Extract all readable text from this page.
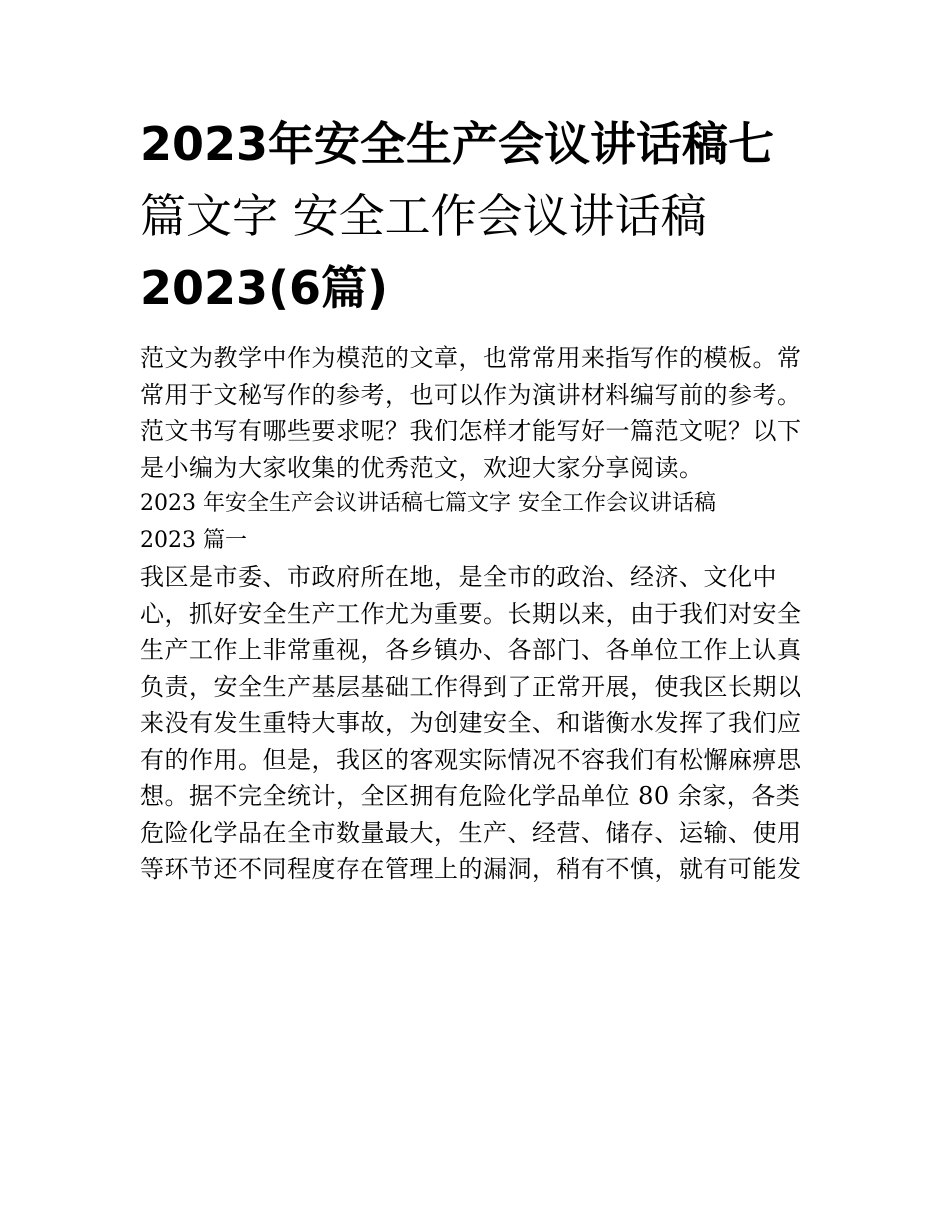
2023年安全生产会议讲话稿七
篇文字 安全工作会议讲话稿
2023(6篇)
范文为教学中作为模范的文章，也常常用来指写作的模板。常
常用于文秘写作的参考，也可以作为演讲材料编写前的参考。
范文书写有哪些要求呢？我们怎样才能写好一篇范文呢？以下
是小编为大家收集的优秀范文，欢迎大家分享阅读。
2023 年安全生产会议讲话稿七篇文字 安全工作会议讲话稿
2023 篇一
我区是市委、市政府所在地，是全市的政治、经济、文化中
心，抓好安全生产工作尤为重要。长期以来，由于我们对安全
生产工作上非常重视，各乡镇办、各部门、各单位工作上认真
负责，安全生产基层基础工作得到了正常开展，使我区长期以
来没有发生重特大事故，为创建安全、和谐衡水发挥了我们应
有的作用。但是，我区的客观实际情况不容我们有松懈麻痹思
想。据不完全统计，全区拥有危险化学品单位 80 余家，各类
危险化学品在全市数量最大，生产、经营、储存、运输、使用
等环节还不同程度存在管理上的漏洞，稍有不慎，就有可能发
